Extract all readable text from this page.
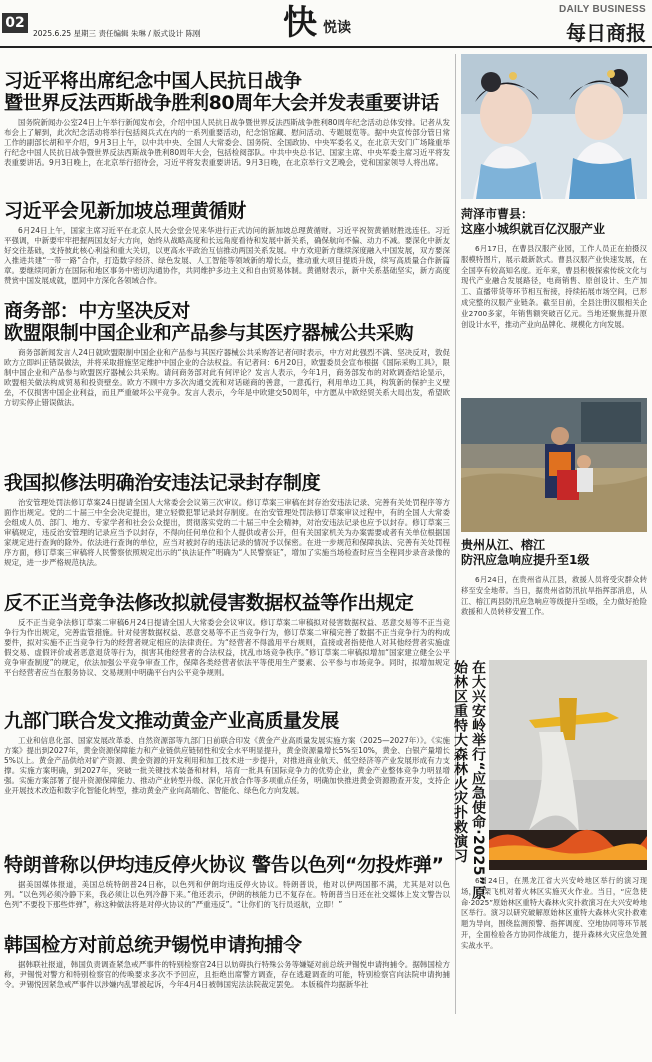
02
2025.6.25 星期三 责任编辑 朱琳 / 版式设计 陈刚 快 悦读
DAILY BUSINESS
每日商报
习近平将出席纪念中国人民抗日战争
暨世界反法西斯战争胜利80周年大会并发表重要讲话

国务院新闻办公室24日上午举行新闻发布会，介绍中国人民抗日战争暨世界反法西斯战争胜利80周年纪念活动总体安排。记者从发布会上了解到，此次纪念活动将举行包括阅兵式在内的一系列重要活动，纪念馆馆藏、慰问活动、专题展览等。据中央宣传部分管日常工作的副部长胡和平介绍，9月3日上午，以中共中央、全国人大常委会、国务院、全国政协、中央军委名义，在北京天安门广场隆重举行纪念中国人民抗日战争暨世界反法西斯战争胜利80周年大会，包括检阅部队。中共中央总书记、国家主席、中央军委主席习近平将发表重要讲话。9月3日晚上，在北京举行招待会，习近平将发表重要讲话。9月3日晚，在北京举行文艺晚会，党和国家领导人将出席。

习近平会见新加坡总理黄循财

6月24日上午，国家主席习近平在北京人民大会堂会见来华进行正式访问的新加坡总理黄循财。习近平祝贺黄循财胜选连任。习近平强调，中新要牢牢把握两国友好大方向，始终从战略高度和长远角度看待和发展中新关系，确保航向不偏、动力不减。要深化中新友好交往基础，支持彼此核心利益和重大关切，以更高水平政治互信推动两国关系发展。中方欢迎新方继续深度融入中国发展，双方要深入推进共建“一带一路”合作，打造数字经济、绿色发展、人工智能等领域新的增长点，推动重大项目提质升级，续写高质量合作新篇章。要继续同新方在国际和地区事务中密切沟通协作，共同维护多边主义和自由贸易体制。黄循财表示，新中关系基础坚实，新方高度赞赏中国发展成就，愿同中方深化各领域合作。

商务部：中方坚决反对
欧盟限制中国企业和产品参与其医疗器械公共采购

商务部新闻发言人24日就欧盟限制中国企业和产品参与其医疗器械公共采购答记者问时表示，中方对此强烈不满、坚决反对，敦促欧方立即纠正错误做法，并将采取措施坚定维护中国企业的合法权益。有记者问：6月20日，欧盟委员会宣布根据《国际采购工具》，限制中国企业和产品参与欧盟医疗器械公共采购。请问商务部对此有何评论？发言人表示，今年1月，商务部发布的对欧调查结论显示，欧盟相关做法构成贸易和投资壁垒。欧方不顾中方多次沟通交流和对话磋商的善意，一意孤行，利用单边工具，构筑新的保护主义壁垒，不仅损害中国企业利益，而且严重破坏公平竞争。发言人表示，今年是中欧建交50周年，中方愿从中欧经贸关系大局出发，希望欧方切实停止错误做法。

我国拟修法明确治安违法记录封存制度

治安管理处罚法修订草案24日提请全国人大常委会会议第三次审议。修订草案三审稿在封存治安违法记录、完善有关处罚程序等方面作出规定。党的二十届三中全会决定提出，建立轻微犯罪记录封存制度。在治安管理处罚法修订草案审议过程中，有的全国人大常委会组成人员、部门、地方、专家学者和社会公众提出，贯彻落实党的二十届三中全会精神，对治安违法记录也应予以封存。修订草案三审稿规定，违反治安管理的记录应当予以封存，不得向任何单位和个人提供或者公开，但有关国家机关为办案需要或者有关单位根据国家规定进行查询的除外。依法进行查询的单位，应当对被封存的违法记录的情况予以保密。在进一步规范和保障执法、完善有关处罚程序方面，修订草案三审稿将人民警察依照规定出示的“执法证件”明确为“人民警察证”，增加了实施当场检查时应当全程同步录音录像的规定，进一步严格规范执法。

反不正当竞争法修改拟就侵害数据权益等作出规定

反不正当竞争法修订草案二审稿6月24日提请全国人大常委会会议审议。修订草案二审稿拟对侵害数据权益、恶意交易等不正当竞争行为作出规定，完善监管措施。针对侵害数据权益、恶意交易等不正当竞争行为，修订草案二审稿完善了数据不正当竞争行为的构成要件，拟对实施不正当竞争行为的经营者规定相应的法律责任。为“经营者不得滥用平台规则，直接或者指使他人对其他经营者实施虚假交易、虚假评价或者恶意退货等行为，损害其他经营者的合法权益，扰乱市场竞争秩序。”修订草案二审稿拟增加“国家建立健全公平竞争审查制度”的规定，依法加强公平竞争审查工作，保障各类经营者依法平等使用生产要素、公平参与市场竞争。同时，拟增加规定平台经营者应当在服务协议、交易规则中明确平台内公平竞争规则。

九部门联合发文推动黄金产业高质量发展

工业和信息化部、国家发展改革委、自然资源部等九部门日前联合印发《黄金产业高质量发展实施方案（2025—2027年）》。《实施方案》提出到2027年，黄金资源保障能力和产业链供应链韧性和安全水平明显提升，黄金资源量增长5%至10%，黄金、白银产量增长5%以上。黄金产品供给对矿产资源、黄金资源的开发利用和加工技术进一步提升，对推进商业航天、低空经济等产业发展形成有力支撑。实施方案明确，到2027年，突破一批关键技术装备和材料，培育一批具有国际竞争力的优势企业，黄金产业整体竞争力明显增强。实施方案部署了提升资源保障能力、推动产业转型升级、深化开放合作等多项重点任务，明确加快推进黄金资源勘查开发，支持企业开展技术改造和数字化智能化转型，推动黄金产业向高端化、智能化、绿色化方向发展。

特朗普称以伊均违反停火协议 警告以色列“勿投炸弹”

据美国媒体报道，美国总统特朗普24日称，以色列和伊朗均违反停火协议。特朗普说，他对以伊两国都不满，尤其是对以色列。“以色列必须冷静下来，我必须让以色列冷静下来。”他还表示，伊朗的核能力已不复存在。特朗普当日还在社交媒体上发文警告以色列“不要投下那些炸弹”，称这种做法将是对停火协议的“严重违反”。“让你们的飞行员返航，立即！”

韩国检方对前总统尹锡悦申请拘捕令

据韩联社报道，韩国负责调查紧急戒严事件的特别检察官24日以妨碍执行特殊公务等嫌疑对前总统尹锡悦申请拘捕令。据韩国检方称，尹锡悦对警方和特别检察官的传唤要求多次不予回应，且拒绝出席警方调查，存在逃避调查的可能，特别检察官向法院申请拘捕令。尹锡悦因紧急戒严事件以涉嫌内乱罪被起诉，今年4月4日被韩国宪法法院裁定罢免。 本版稿件均据新华社

菏泽市曹县：
这座小城织就百亿汉服产业
6月17日，在曹县汉服产业园，工作人员正在拍摄汉服模特图片，展示最新款式。曹县汉服产业快速发展，在全国享有较高知名度。近年来，曹县积极探索传统文化与现代产业融合发展路径，电商销售、原创设计、生产加工、直播带货等环节相互衔接，持续拓展市场空间，已形成完整的汉服产业链条。截至目前，全县注册汉服相关企业2700多家，年销售额突破百亿元。当地还聚焦提升原创设计水平，推动产业向品牌化、规模化方向发展。
贵州从江、榕江
防汛应急响应提升至1级
6月24日，在贵州省从江县，救援人员将受灾群众转移至安全地带。当日，据贵州省防汛抗旱指挥部消息，从江、榕江两县防汛应急响应等级提升至Ⅰ级，全力做好抢险救援和人员转移安置工作。
在大兴安岭举行“应急使命·2025”原始林区重特大森林火灾扑救演习
6月24日，在黑龙江省大兴安岭地区举行的演习现场，一架飞机对着火林区实施灭火作业。当日，“应急使命·2025”原始林区重特大森林火灾扑救演习在大兴安岭地区举行。演习以研究破解原始林区重特大森林火灾扑救难题为导向，围绕监测预警、指挥调度、空地协同等环节展开，全面检验各方协同作战能力，提升森林火灾应急处置实战水平。
